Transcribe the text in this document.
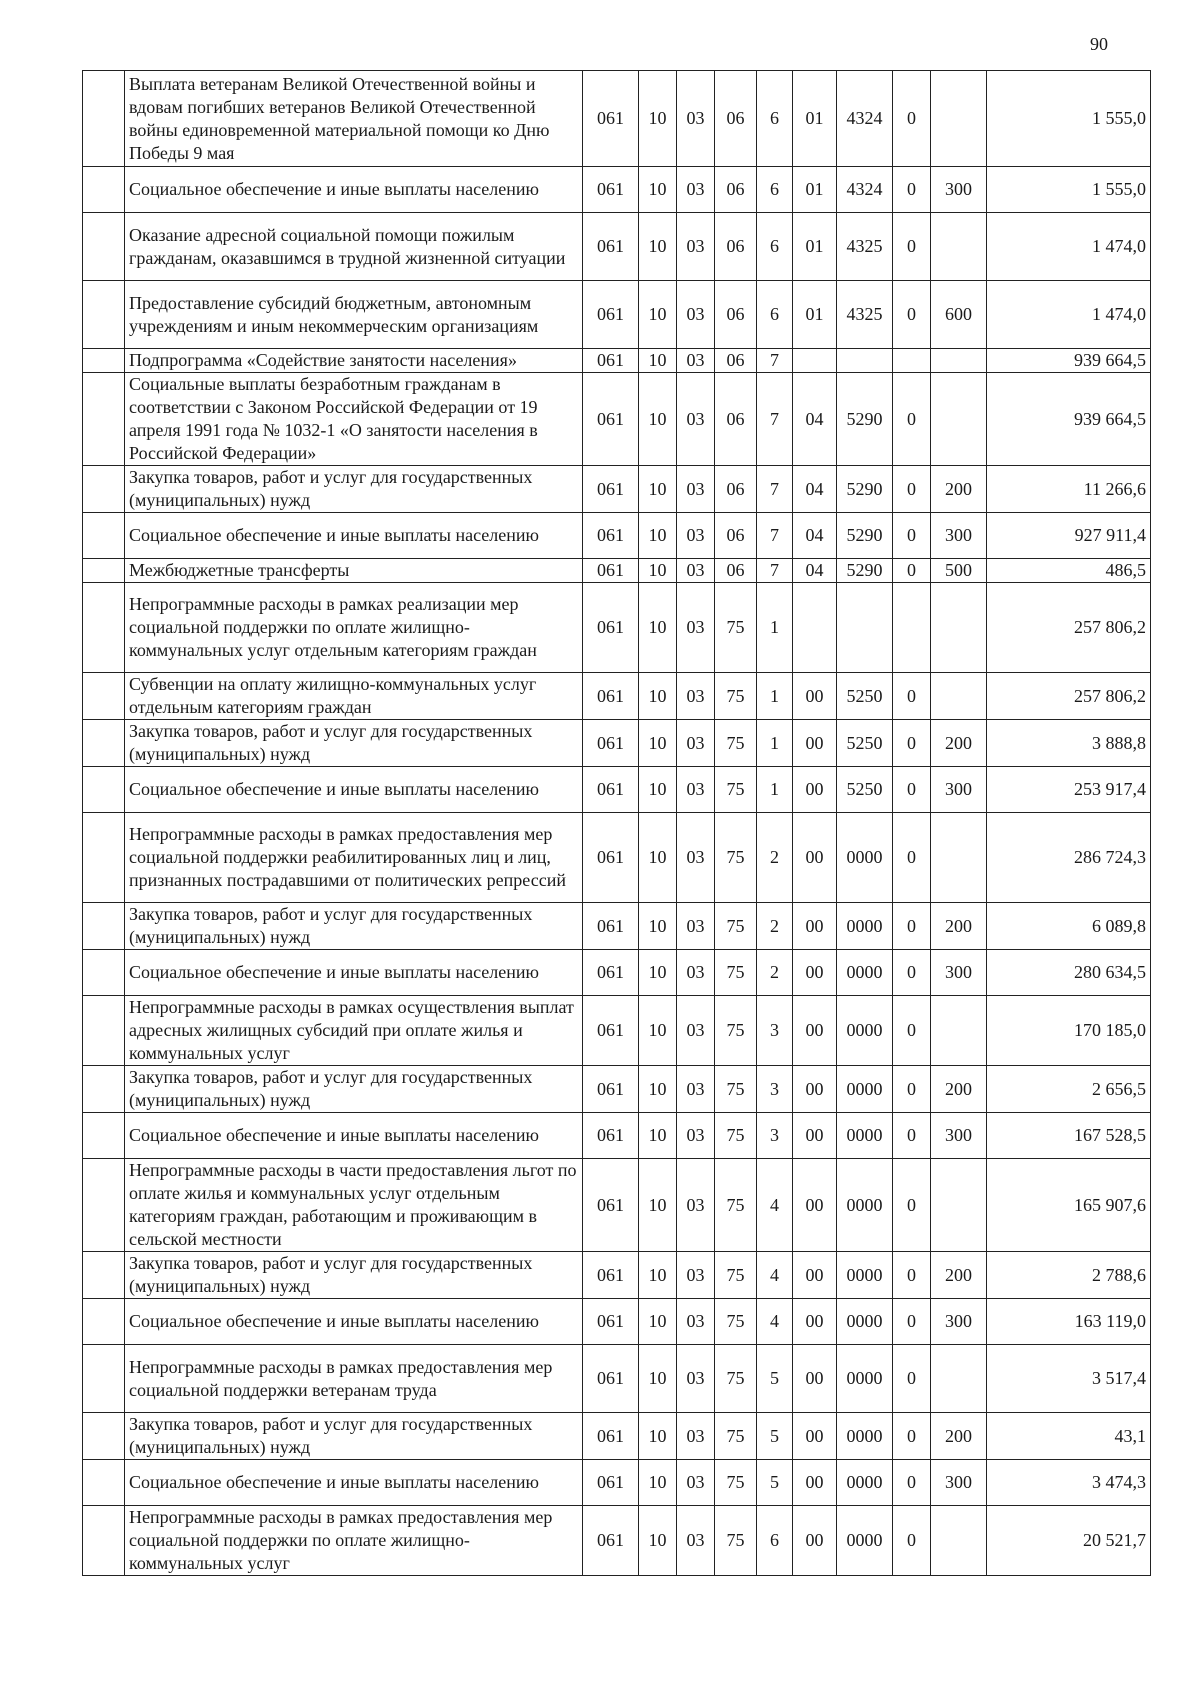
90
	Выплата ветеранам Великой Отечественной войны и вдовам погибших ветеранов Великой Отечественной войны единовременной материальной помощи ко Дню Победы 9 мая	061	10	03	06	6	01	4324	0		1 555,0
	Социальное обеспечение и иные выплаты населению	061	10	03	06	6	01	4324	0	300	1 555,0
	Оказание адресной социальной помощи пожилым гражданам, оказавшимся в трудной жизненной ситуации	061	10	03	06	6	01	4325	0		1 474,0
	Предоставление субсидий бюджетным, автономным учреждениям и иным некоммерческим организациям	061	10	03	06	6	01	4325	0	600	1 474,0
	Подпрограмма «Содействие занятости населения»	061	10	03	06	7					939 664,5
	Социальные выплаты безработным гражданам в соответствии с Законом Российской Федерации от 19 апреля 1991 года № 1032-1 «О занятости населения в Российской Федерации»	061	10	03	06	7	04	5290	0		939 664,5
	Закупка товаров, работ и услуг для государственных (муниципальных) нужд	061	10	03	06	7	04	5290	0	200	11 266,6
	Социальное обеспечение и иные выплаты населению	061	10	03	06	7	04	5290	0	300	927 911,4
	Межбюджетные трансферты	061	10	03	06	7	04	5290	0	500	486,5
	Непрограммные расходы в рамках реализации мер социальной поддержки по оплате жилищно-коммунальных услуг отдельным категориям граждан	061	10	03	75	1					257 806,2
	Субвенции на оплату жилищно-коммунальных услуг отдельным категориям граждан	061	10	03	75	1	00	5250	0		257 806,2
	Закупка товаров, работ и услуг для государственных (муниципальных) нужд	061	10	03	75	1	00	5250	0	200	3 888,8
	Социальное обеспечение и иные выплаты населению	061	10	03	75	1	00	5250	0	300	253 917,4
	Непрограммные расходы в рамках предоставления мер социальной поддержки реабилитированных лиц и лиц, признанных пострадавшими от политических репрессий	061	10	03	75	2	00	0000	0		286 724,3
	Закупка товаров, работ и услуг для государственных (муниципальных) нужд	061	10	03	75	2	00	0000	0	200	6 089,8
	Социальное обеспечение и иные выплаты населению	061	10	03	75	2	00	0000	0	300	280 634,5
	Непрограммные расходы в рамках осуществления выплат адресных жилищных субсидий при оплате жилья и коммунальных услуг	061	10	03	75	3	00	0000	0		170 185,0
	Закупка товаров, работ и услуг для государственных (муниципальных) нужд	061	10	03	75	3	00	0000	0	200	2 656,5
	Социальное обеспечение и иные выплаты населению	061	10	03	75	3	00	0000	0	300	167 528,5
	Непрограммные расходы в части предоставления льгот по оплате жилья и коммунальных услуг отдельным категориям граждан, работающим и проживающим в сельской местности	061	10	03	75	4	00	0000	0		165 907,6
	Закупка товаров, работ и услуг для государственных (муниципальных) нужд	061	10	03	75	4	00	0000	0	200	2 788,6
	Социальное обеспечение и иные выплаты населению	061	10	03	75	4	00	0000	0	300	163 119,0
	Непрограммные расходы в рамках предоставления мер социальной поддержки ветеранам труда	061	10	03	75	5	00	0000	0		3 517,4
	Закупка товаров, работ и услуг для государственных (муниципальных) нужд	061	10	03	75	5	00	0000	0	200	43,1
	Социальное обеспечение и иные выплаты населению	061	10	03	75	5	00	0000	0	300	3 474,3
	Непрограммные расходы в рамках предоставления мер социальной поддержки по оплате жилищно-коммунальных услуг	061	10	03	75	6	00	0000	0		20 521,7
